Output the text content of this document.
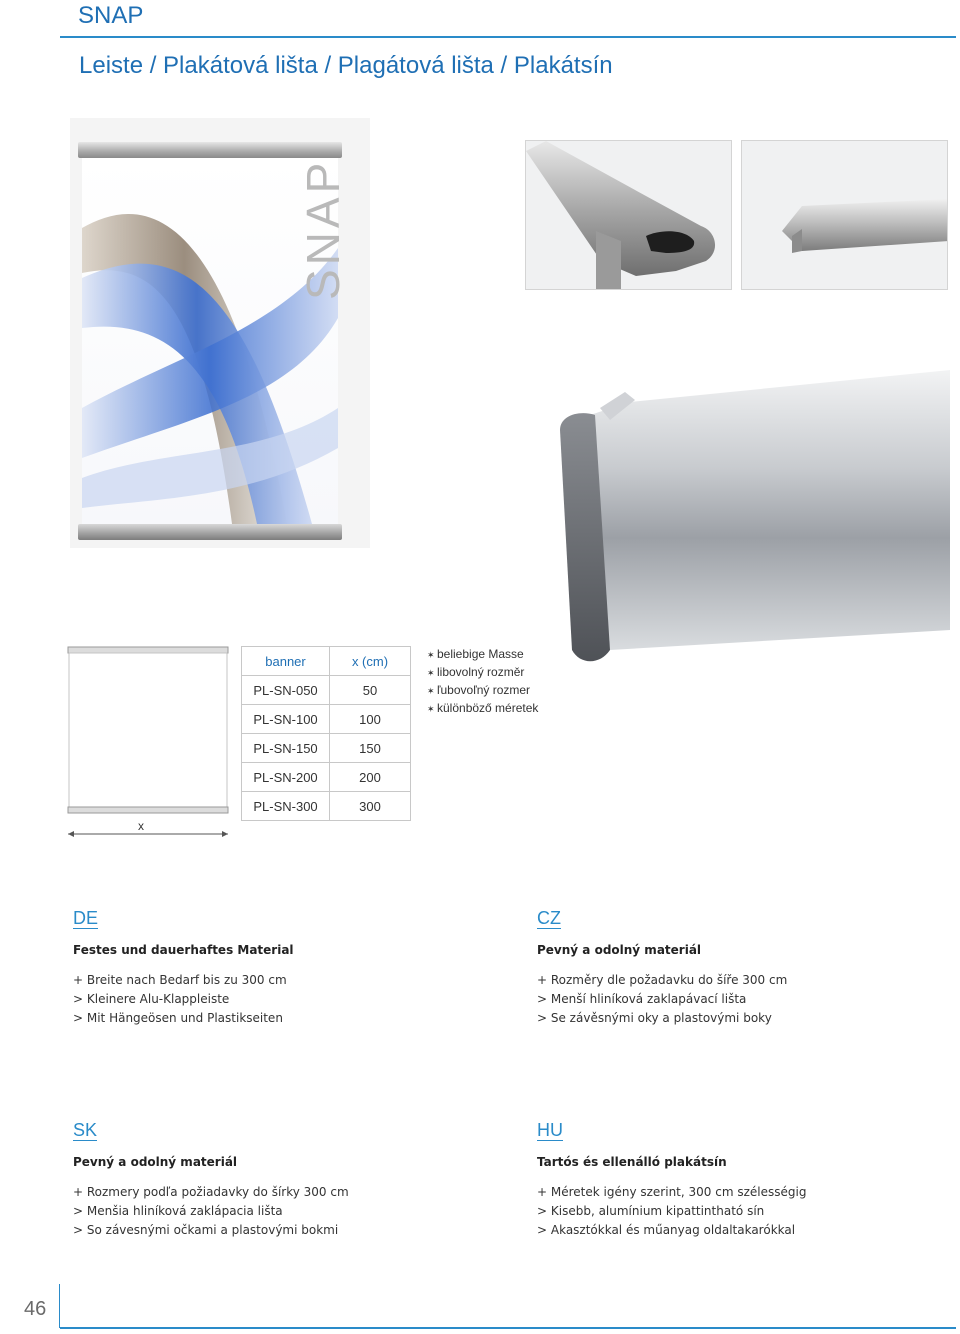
SNAP
Leiste / Plakátová lišta / Plagátová lišta / Plakátsín
SNAP
x
banner	x (cm)
PL-SN-050	50
PL-SN-100	100
PL-SN-150	150
PL-SN-200	200
PL-SN-300	300
✶ beliebige Masse
✶ libovolný rozměr
✶ ľubovoľný rozmer
✶ különböző méretek
DE
Festes und dauerhaftes Material
+ Breite nach Bedarf bis zu 300 cm
> Kleinere Alu-Klappleiste
> Mit Hängeösen und Plastikseiten
CZ
Pevný a odolný materiál
+ Rozměry dle požadavku do šíře 300 cm
> Menší hliníková zaklapávací lišta
> Se závěsnými oky a plastovými boky
SK
Pevný a odolný materiál
+ Rozmery podľa požiadavky do šírky 300 cm
> Menšia hliníková zaklápacia lišta
> So závesnými očkami a plastovými bokmi
HU
Tartós és ellenálló plakátsín
+ Méretek igény szerint, 300 cm szélességig
> Kisebb, alumínium kipattintható sín
> Akasztókkal és műanyag oldaltakarókkal
46
